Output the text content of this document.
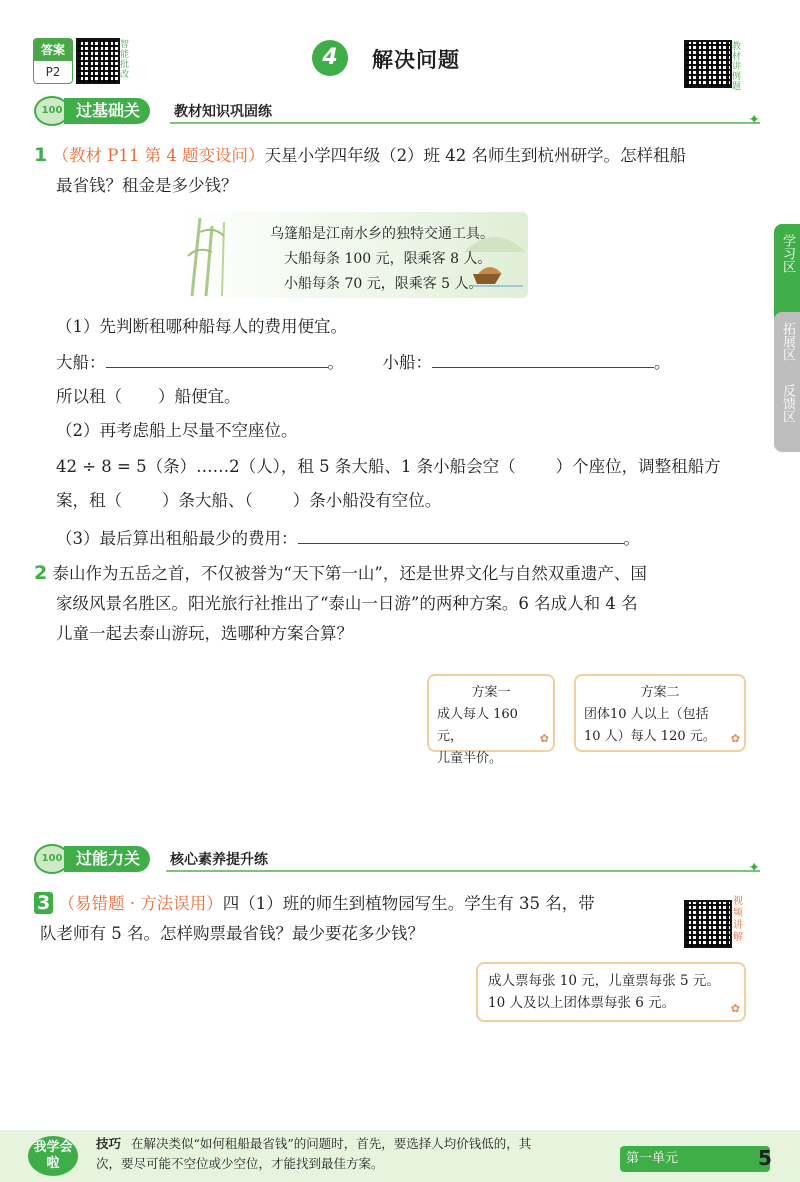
答案
P2
智能批改
4	解决问题
教材讲例题
100 过基础关	教材知识巩固练	✦
1 （教材 P11 第 4 题变设问）天星小学四年级（2）班 42 名师生到杭州研学。怎样租船
最省钱？租金是多少钱？
乌篷船是江南水乡的独特交通工具。
大船每条 100 元，限乘客 8 人。
小船每条 70 元，限乘客 5 人。
（1）先判断租哪种船每人的费用便宜。
大船：	。 小船：	。
所以租（ ）船便宜。
（2）再考虑船上尽量不空座位。
42 ÷ 8 = 5（条）……2（人），租 5 条大船、1 条小船会空（ ）个座位，调整租船方
案，租（ ）条大船、（ ）条小船没有空位。
（3）最后算出租船最少的费用：	。
2 泰山作为五岳之首，不仅被誉为“天下第一山”，还是世界文化与自然双重遗产、国
家级风景名胜区。阳光旅行社推出了“泰山一日游”的两种方案。6 名成人和 4 名
儿童一起去泰山游玩，选哪种方案合算？
方案一
成人每人 160 元，
儿童半价。
✿
方案二
团体10 人以上（包括
10 人）每人 120 元。	✿
100 过能力关	核心素养提升练	✦
3 （易错题 · 方法误用）四（1）班的师生到植物园写生。学生有 35 名，带
队老师有 5 名。怎样购票最省钱？最少要花多少钱？
视频讲解
成人票每张 10 元，儿童票每张 5 元。
10 人及以上团体票每张 6 元。	✿
学习区
拓展区
反馈区
我学会啦
技巧 在解决类似“如何租船最省钱”的问题时，首先，要选择人均价钱低的，其
次，要尽可能不空位或少空位，才能找到最佳方案。	第一单元	5
